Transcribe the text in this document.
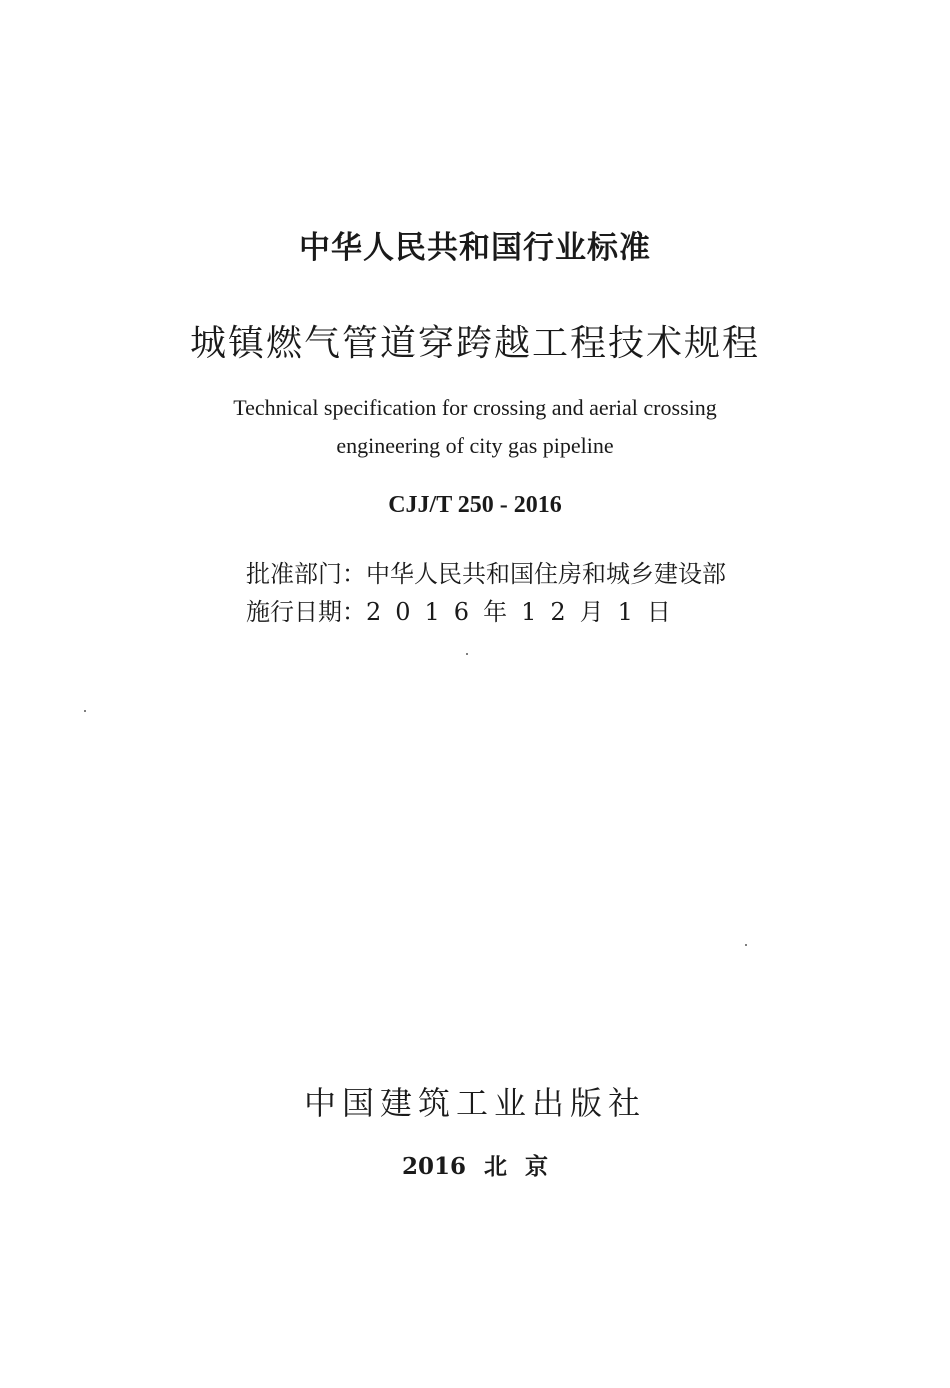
中华人民共和国行业标准
城镇燃气管道穿跨越工程技术规程
Technical specification for crossing and aerial crossing
engineering of city gas pipeline
CJJ/T 250 - 2016
批准部门：中华人民共和国住房和城乡建设部
施行日期：2016年12月1日
中国建筑工业出版社
2016 北 京
